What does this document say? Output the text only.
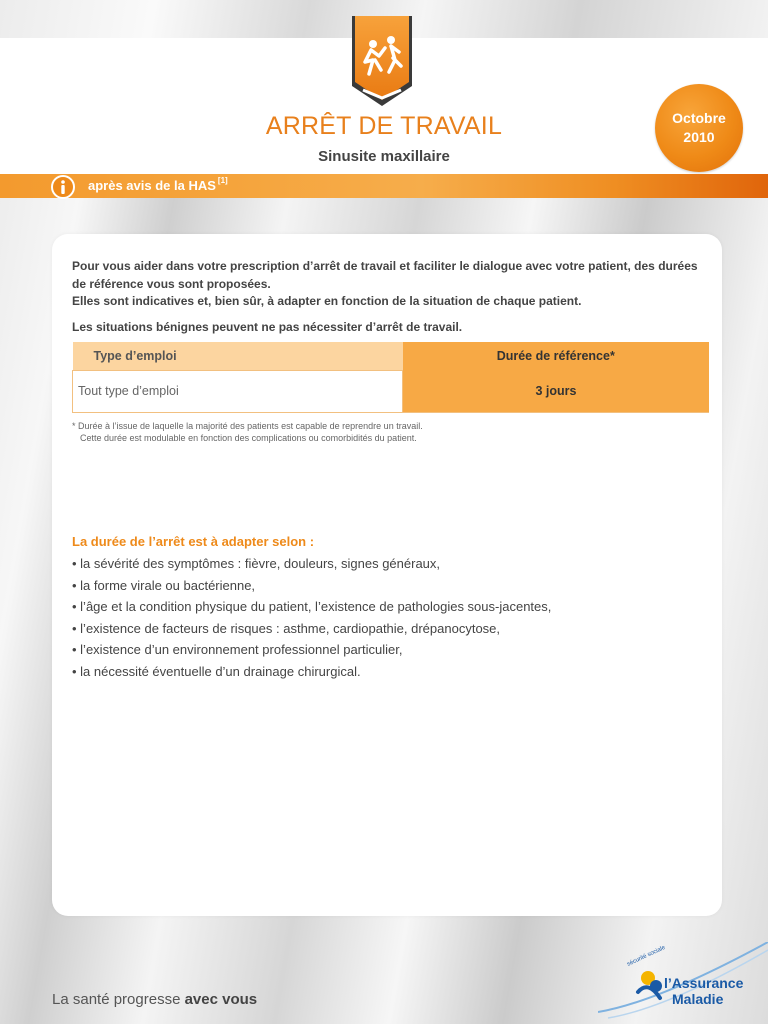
ARRÊT DE TRAVAIL
Sinusite maxillaire
Octobre
2010
après avis de la HAS [1]

Pour vous aider dans votre prescription d’arrêt de travail et faciliter le dialogue avec votre patient, des durées de référence vous sont proposées.

Elles sont indicatives et, bien sûr, à adapter en fonction de la situation de chaque patient.

Les situations bénignes peuvent ne pas nécessiter d’arrêt de travail.
Type d’emploi	Durée de référence*
Tout type d’emploi	3 jours
* Durée à l’issue de laquelle la majorité des patients est capable de reprendre un travail.
Cette durée est modulable en fonction des complications ou comorbidités du patient.
La durée de l’arrêt est à adapter selon :
• la sévérité des symptômes : fièvre, douleurs, signes généraux,
• la forme virale ou bactérienne,
• l’âge et la condition physique du patient, l’existence de pathologies sous-jacentes,
• l’existence de facteurs de risques : asthme, cardiopathie, drépanocytose,
• l’existence d’un environnement professionnel particulier,
• la nécessité éventuelle d’un drainage chirurgical.
La santé progresse avec vous
sécurité sociale
l’Assurance
Maladie
